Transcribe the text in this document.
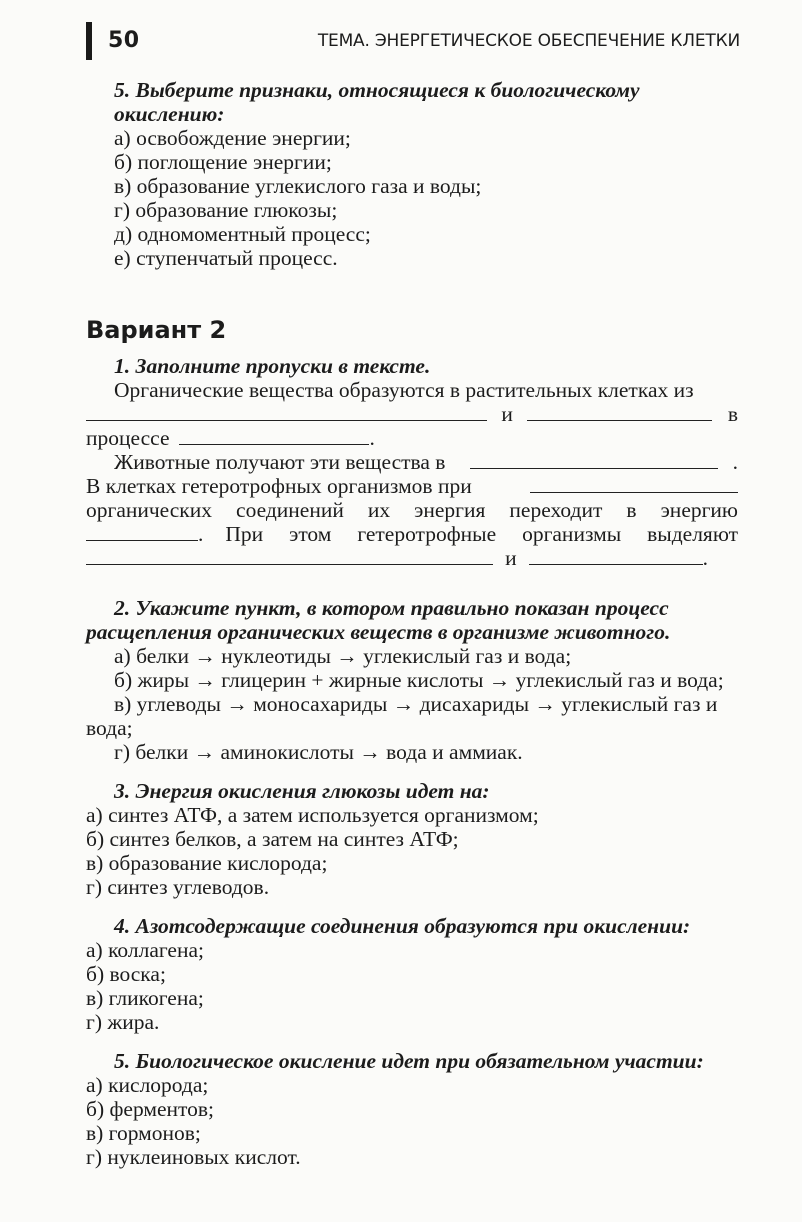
50	ТЕМА. ЭНЕРГЕТИЧЕСКОЕ ОБЕСПЕЧЕНИЕ КЛЕТКИ

5. Выберите признаки, относящиеся к биологическому окислению:

а) освобождение энергии;

б) поглощение энергии;

в) образование углекислого газа и воды;

г) образование глюкозы;

д) одномоментный процесс;

е) ступенчатый процесс.

Вариант 2

1. Заполните пропуски в тексте.

Органические вещества образуются в растительных клетках из

и	в
процессе	.
Животные получают эти вещества в	.
В клетках гетеротрофных организмов при

органических соединений их энергия переходит в энергию

.	При этом гетеротрофные организмы выделяют
и	.

2. Укажите пункт, в котором правильно показан процесс расщепления органических веществ в организме животного.

а) белки → нуклеотиды → углекислый газ и вода;

б) жиры → глицерин + жирные кислоты → углекислый газ и вода;

в) углеводы → моносахариды → дисахариды → углекислый газ и вода;

г) белки → аминокислоты → вода и аммиак.

3. Энергия окисления глюкозы идет на:

а) синтез АТФ, а затем используется организмом;

б) синтез белков, а затем на синтез АТФ;

в) образование кислорода;

г) синтез углеводов.

4. Азотсодержащие соединения образуются при окислении:

а) коллагена;

б) воска;

в) гликогена;

г) жира.

5. Биологическое окисление идет при обязательном участии:

а) кислорода;

б) ферментов;

в) гормонов;

г) нуклеиновых кислот.
